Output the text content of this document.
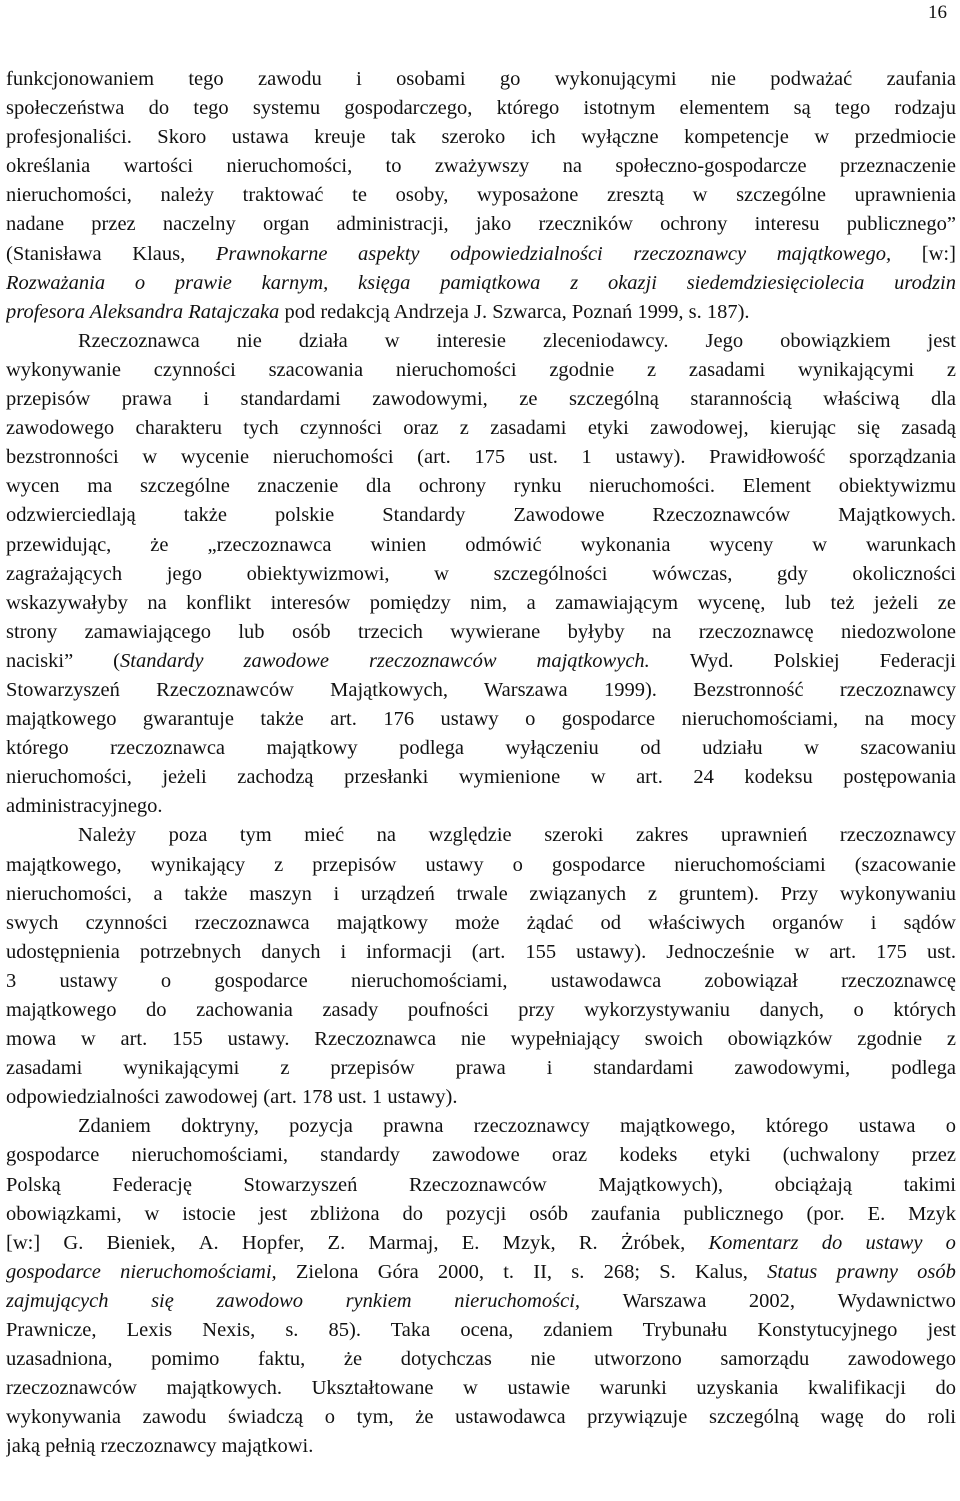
16
funkcjonowaniem tego zawodu i osobami go wykonującymi nie podważać zaufania
społeczeństwa do tego systemu gospodarczego, którego istotnym elementem są tego rodzaju
profesjonaliści. Skoro ustawa kreuje tak szeroko ich wyłączne kompetencje w przedmiocie
określania wartości nieruchomości, to zważywszy na społeczno-gospodarcze przeznaczenie
nieruchomości, należy traktować te osoby, wyposażone zresztą w szczególne uprawnienia
nadane przez naczelny organ administracji, jako rzeczników ochrony interesu publicznego”
(Stanisława Klaus, Prawnokarne aspekty odpowiedzialności rzeczoznawcy majątkowego, [w:]
Rozważania o prawie karnym, księga pamiątkowa z okazji siedemdziesięciolecia urodzin
profesora Aleksandra Ratajczaka pod redakcją Andrzeja J. Szwarca, Poznań 1999, s. 187).
Rzeczoznawca nie działa w interesie zleceniodawcy. Jego obowiązkiem jest
wykonywanie czynności szacowania nieruchomości zgodnie z zasadami wynikającymi z
przepisów prawa i standardami zawodowymi, ze szczególną starannością właściwą dla
zawodowego charakteru tych czynności oraz z zasadami etyki zawodowej, kierując się zasadą
bezstronności w wycenie nieruchomości (art. 175 ust. 1 ustawy). Prawidłowość sporządzania
wycen ma szczególne znaczenie dla ochrony rynku nieruchomości. Element obiektywizmu
odzwierciedlają także polskie Standardy Zawodowe Rzeczoznawców Majątkowych.
przewidując, że „rzeczoznawca winien odmówić wykonania wyceny w warunkach
zagrażających jego obiektywizmowi, w szczególności wówczas, gdy okoliczności
wskazywałyby na konflikt interesów pomiędzy nim, a zamawiającym wycenę, lub też jeżeli ze
strony zamawiającego lub osób trzecich wywierane byłyby na rzeczoznawcę niedozwolone
naciski” (Standardy zawodowe rzeczoznawców majątkowych. Wyd. Polskiej Federacji
Stowarzyszeń Rzeczoznawców Majątkowych, Warszawa 1999). Bezstronność rzeczoznawcy
majątkowego gwarantuje także art. 176 ustawy o gospodarce nieruchomościami, na mocy
którego rzeczoznawca majątkowy podlega wyłączeniu od udziału w szacowaniu
nieruchomości, jeżeli zachodzą przesłanki wymienione w art. 24 kodeksu postępowania
administracyjnego.
Należy poza tym mieć na względzie szeroki zakres uprawnień rzeczoznawcy
majątkowego, wynikający z przepisów ustawy o gospodarce nieruchomościami (szacowanie
nieruchomości, a także maszyn i urządzeń trwale związanych z gruntem). Przy wykonywaniu
swych czynności rzeczoznawca majątkowy może żądać od właściwych organów i sądów
udostępnienia potrzebnych danych i informacji (art. 155 ustawy). Jednocześnie w art. 175 ust.
3 ustawy o gospodarce nieruchomościami, ustawodawca zobowiązał rzeczoznawcę
majątkowego do zachowania zasady poufności przy wykorzystywaniu danych, o których
mowa w art. 155 ustawy. Rzeczoznawca nie wypełniający swoich obowiązków zgodnie z
zasadami wynikającymi z przepisów prawa i standardami zawodowymi, podlega
odpowiedzialności zawodowej (art. 178 ust. 1 ustawy).
Zdaniem doktryny, pozycja prawna rzeczoznawcy majątkowego, którego ustawa o
gospodarce nieruchomościami, standardy zawodowe oraz kodeks etyki (uchwalony przez
Polską Federację Stowarzyszeń Rzeczoznawców Majątkowych), obciążają takimi
obowiązkami, w istocie jest zbliżona do pozycji osób zaufania publicznego (por. E. Mzyk
[w:] G. Bieniek, A. Hopfer, Z. Marmaj, E. Mzyk, R. Żróbek, Komentarz do ustawy o
gospodarce nieruchomościami, Zielona Góra 2000, t. II, s. 268; S. Kalus, Status prawny osób
zajmujących się zawodowo rynkiem nieruchomości, Warszawa 2002, Wydawnictwo
Prawnicze, Lexis Nexis, s. 85). Taka ocena, zdaniem Trybunału Konstytucyjnego jest
uzasadniona, pomimo faktu, że dotychczas nie utworzono samorządu zawodowego
rzeczoznawców majątkowych. Ukształtowane w ustawie warunki uzyskania kwalifikacji do
wykonywania zawodu świadczą o tym, że ustawodawca przywiązuje szczególną wagę do roli
jaką pełnią rzeczoznawcy majątkowi.
